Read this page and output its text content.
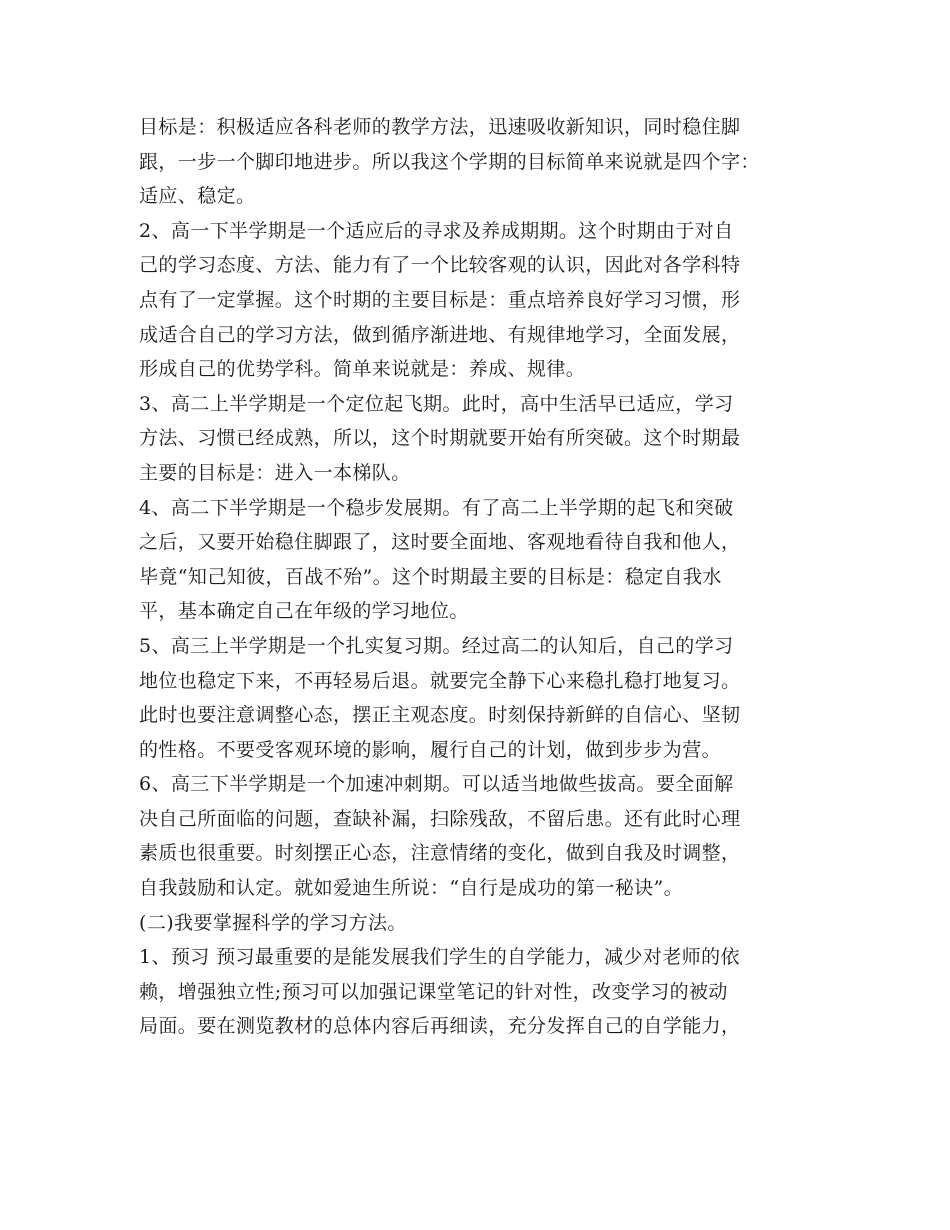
目标是：积极适应各科老师的教学方法，迅速吸收新知识，同时稳住脚
跟，一步一个脚印地进步。所以我这个学期的目标简单来说就是四个字：
适应、稳定。
2、高一下半学期是一个适应后的寻求及养成期期。这个时期由于对自
己的学习态度、方法、能力有了一个比较客观的认识，因此对各学科特
点有了一定掌握。这个时期的主要目标是：重点培养良好学习习惯，形
成适合自己的学习方法，做到循序渐进地、有规律地学习，全面发展，
形成自己的优势学科。简单来说就是：养成、规律。
3、高二上半学期是一个定位起飞期。此时，高中生活早已适应，学习
方法、习惯已经成熟，所以，这个时期就要开始有所突破。这个时期最
主要的目标是：进入一本梯队。
4、高二下半学期是一个稳步发展期。有了高二上半学期的起飞和突破
之后，又要开始稳住脚跟了，这时要全面地、客观地看待自我和他人，
毕竟“知己知彼，百战不殆”。这个时期最主要的目标是：稳定自我水
平，基本确定自己在年级的学习地位。
5、高三上半学期是一个扎实复习期。经过高二的认知后，自己的学习
地位也稳定下来，不再轻易后退。就要完全静下心来稳扎稳打地复习。
此时也要注意调整心态，摆正主观态度。时刻保持新鲜的自信心、坚韧
的性格。不要受客观环境的影响，履行自己的计划，做到步步为营。
6、高三下半学期是一个加速冲刺期。可以适当地做些拔高。要全面解
决自己所面临的问题，查缺补漏，扫除残敌，不留后患。还有此时心理
素质也很重要。时刻摆正心态，注意情绪的变化，做到自我及时调整，
自我鼓励和认定。就如爱迪生所说：“自行是成功的第一秘诀”。
(二)我要掌握科学的学习方法。
1、预习 预习最重要的是能发展我们学生的自学能力，减少对老师的依
赖，增强独立性;预习可以加强记课堂笔记的针对性，改变学习的被动
局面。要在测览教材的总体内容后再细读，充分发挥自己的自学能力，
